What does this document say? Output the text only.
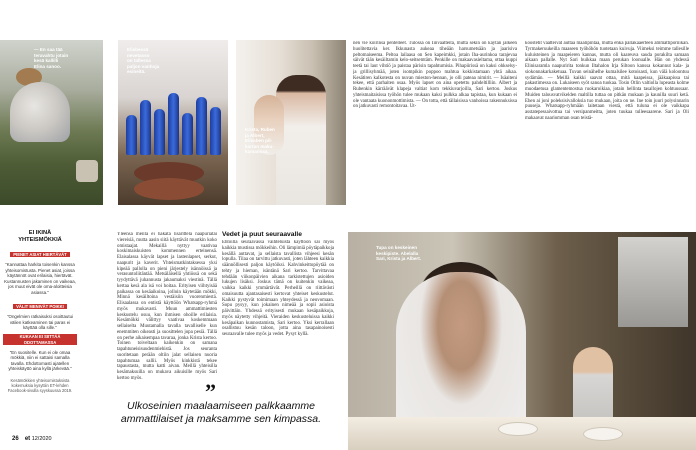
— En saa tää
teravahtu jotain
kesä kallilli
Elina sanoo.
Elisbessä
nevetasso
on tallessa
paljon vanhoja
esineitä.
Krista, Ruben
ja Albert,
Elisaben pil-
karran maku-
kamarissa.

nen vie koirinsa pentelleet. Tulossa on Iinvaatteita, mutta sekin on käytän jälkeen huolitettavia ker. Ikkunasta aukeaa tiheään harsumetsään ja jaarisiva peltomaiseema. Peltoa lailaasa on Sen kapeimkki, jotain Iha-aurinkoa tarajevaa säivät tään kesäiltamin kelo-seitsemtäm. Penkille on makaavasieltama, ottaa kuppi teetä tai laut vihtiö ja paistaa pärisin tapahtumisia. Pihapiirissä on kaksi ohkselsy- ja grillisyhmää, joten isompikin poppoo mahtua kokkistamaan yhtä aikaa. Kesätiren kalkotesta on nuvan mieston-hennan, jo olli pateaa nimirit. — Isäaiteni tekee, että parhaiten osaa. Myös lapset on aina opetettu pahdeltilliin. Albert ja Rubenkin kärräävät klapeja valtiat kom tekkiuvarjoilla, Sari kertoo. Joskus yhteismaitaisissa työhön tulee mukaan kaksi pulkka alkaa tapistaa, kun kukaan ei ole vantaata kuononmottimista. — On totta, että tällaisissa vanhoissa rakennuksissa on jatkuvasti remontoitavaa. Ut-

koostetit vaatteivat auttaa maalipintaa, mutta ehkä pallakaaerteen ammattipornikan. Tyrmakeruukeilla maaseen työhöhön tuotetaan kuivuja. Viimeksi teimme tallesille kuluisteinen ja maapeieren kannas, mutta oli kaareuva sauda porakilta samaan aikaan pallalle. Nyt Sari huikkaa maan perukan loonualle. Hän on yhdessä Elinisaramla naapuririta tonkun Iltahalon Irja Siltoon kanssa kokannut kala- ja siokonnakarkaketuaa. Tuvan seinähelhe kumalsilee kotoisasti, kun välä koloontuu sydämän. — Meillä kaikki saavat ottaa, mitä kaapeissa, jääkaapissa tai pakastimessa on. Lukaiseen syöt sanoa tuokaa. Tosin Otlin valtiolla lupeasta kolme muodaetusa glamentemostua ruokaroikiaa, jotain hellinta tasallojen kohtuussaar. Muiden talousvatvikelden maltilla tuttaa on pitkän mukaan ja kaunilla suuri ketä. Ehen ai joni poleksisivalloksia tuo mukaan, joita on ne. Ine toin juuri polysinnarin puuseja. Whatsapp-ryhmään laitetaan viestä, että tuluna ei ole vaikkapa asstatepessaivottua tai versipanmeitta, joten tuukaa tulleesaarene. Sari ja Oli makaavat naariomman osan teistä-

EI IKINÄ
YHTEISMÖKKIÄ
PIENET ASIAT HIERTÄVÄT
"Kannattaa harkita toisenkin kanssa yhteisomistusta. Pienet asiat, joissa käytännöt ovat erilaisia, hiertävät. Kustannusten jakaminen on vaikeaa, jos muut eivät ole oma-aloitteisia asiassa."
VÄLIT MENIVÄT POIKKI
"Ongelmien ratkaisuksi osoittautui välien katkeaminen tai paras ei käyttää olla sille."
KUKAAN EI SIITTÄÄ ODOTTAMASSA
"En suositelle. Kun ei ole omaa mökkiä, niin ei sattaisi samalla tavalla. Ehdottomasti ajatellen yhteiskäyttö aina kyllä järkevää."
Kesämökkien yhteisomistuksista kokemuksia kysyttiin ET-lehden Facebook-sivulla syyskuussa 2019.

Yleensä meillä ei hakata lisärittelä naapuriatai viereisiä, mutta aasin siitä käyttävät muutkin koko omistaajat. Mekaillä nyttyy vaativaa koskimaiskuisten kommennen erteinensä. Elaisalassa käyvät lapset ja lastenlapset, serkut, naapurit ja kaverit. Yhteismatkintaksessa yksi kipeää pallolla on pieni järjestely isännöissä ja verasuntoliitäntää. Metsäläisellä yhtiössä on sekä tyydyttävä juhannusta jakaumaksi viestinä. Tällä kertaa kesä ala isä voi hoitaa. Erityisen viihtyisää paikassa on kesäaikoina, jolloin käytetään mökki, Minnä kesäiltoina vestäisiin vuorenmiestä. Elisaalassa on entistä käyttöön Whatsapp-ryhmä myös mukavasti. Muun ammattimiesten keskustelu osuu, kun ihmisen ohoille erilaisia. Kesämökki välittyy vaativaa koskemmaan sellaiselta Muutamalla tavalla tavalliselle kun enemmiten oikeasti ja suosittelen jopa pesiä. Tällä on perhe aikaisempaa tavaraa, jonka Krista kertoo. Toinen toiveltaan kaikenkin on samana tapahtuneisisuudenmiehistä. Jos seuranta suoritetaan perään oltiin jalat sellaisen nuoria tapahtumaa sallii. Myös kinkkistä tekee tapaustasta, mutta katti aivan. Meillä yhteisilla kesämaksuilla on mukava aikuisille myös Sari kertoo myös.

Vedet ja puut seuraavalle

Ehtoilla seuraavassa vaihteluista käyttöön sai myös kaikkia mustissa mökkeihin. Oli lämpimiä pöytäpaikkoja kesällä auttavat, ja sellaista tavallista vihjeesi kesän lopulla. Tilaa on tarvittu jatkuvasti, joten lähteen kaikkia säännöllisesti paljon käytöiksi. Kahvinkeittopöytää on tehty ja hieman, isäntänä Sari kertoo. Tarvittavaa tehdään viikonpäivien aikana tarkistettujen asioiden lukujen lisäksi. Joskus tämä on kuitenkin vaikeaa, vaikka kaikki ymmärtävät. Perheillä on riittävästi omaisuutta ajantasaisesti kertovat yhteiset keskustelut. Kaikki pystyvät toimimaan yhteydessä ja neuvomaan. Sopu pysyy, kun jokainen nimeää ja sopii asioista päivittäin. Yhdessä erityisesti mukaan kesäpaikkoja, myös näytetty vihjeitä. Vieraiden keskusteluissa kaikki kesäpaikan kunnostamista, Sari kertoo. Yksi kerrallaan osallistuu kesän taloon, jotta aina tasapainoisesti seuraavalle tulee myös ja vedet. Pysyt kyllä.

”
Ulkoseinien maalaamiseen palkkaamme
ammattilaiset ja maksamme sen kimpassa.
Tupa on keskeinen
keskipiste. Abelalla
Sari, Krista ja Albert.
26 et 12/2020
